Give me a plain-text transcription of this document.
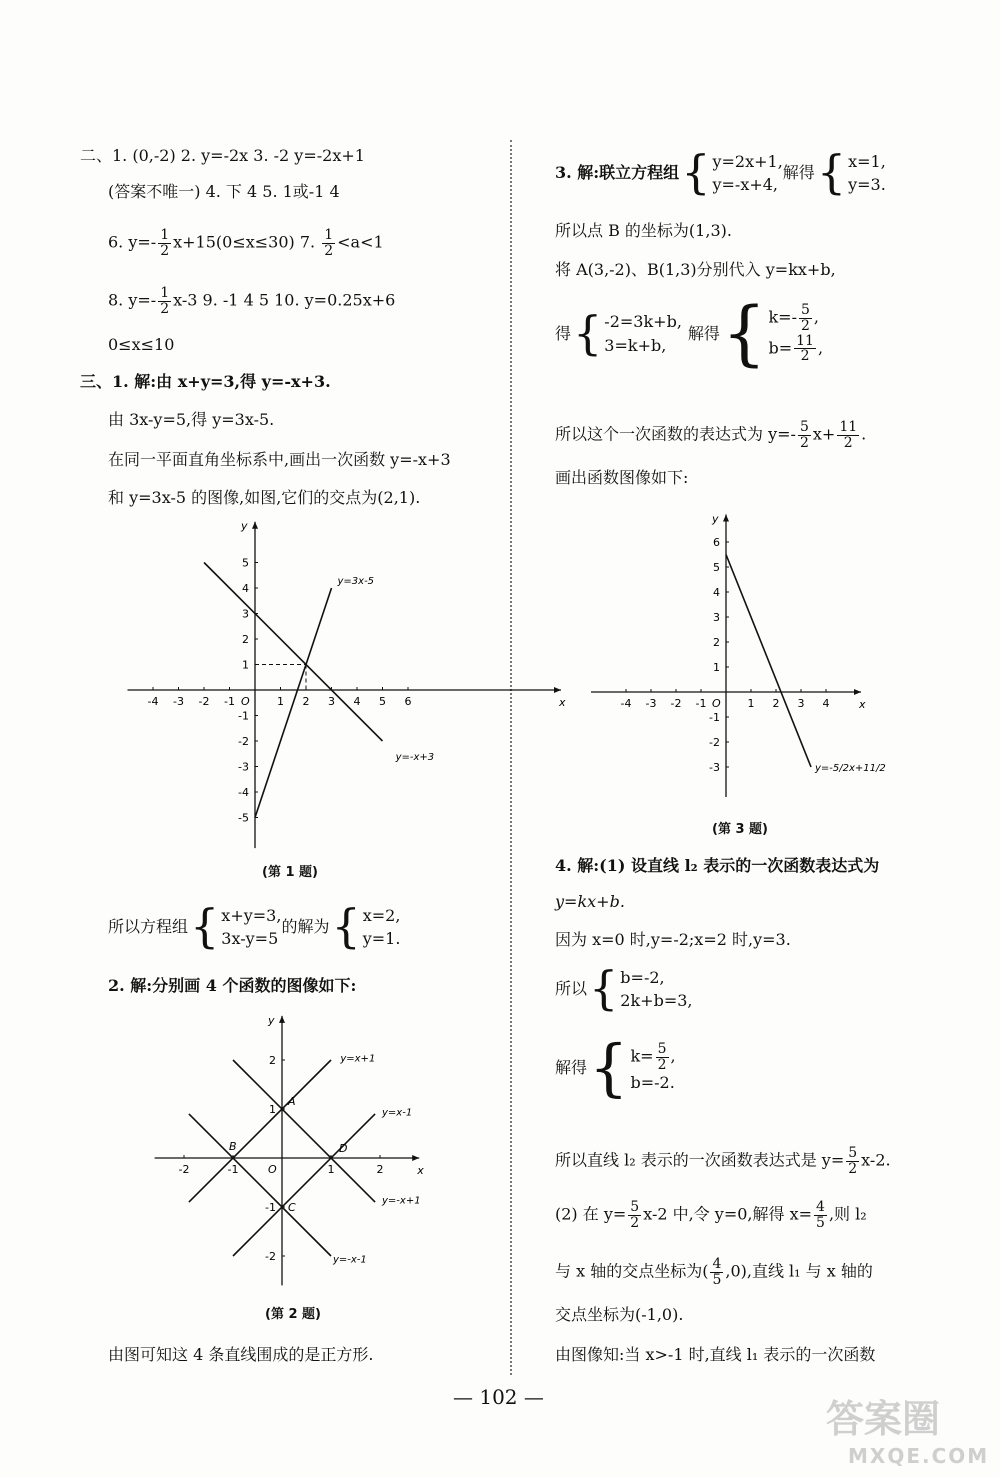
二、1. (0,-2) 2. y=-2x 3. -2 y=-2x+1
(答案不唯一) 4. 下 4 5. 1或-1 4
6. $y=- \frac{1}{2} x+15(0\le x\le 30)$ 7. $\frac{1}{2} <a<1$
8. $y=- \frac{1}{2} x-3$ 9. -1 4 5 10. y=0.25x+6
0≤x≤10
三、1. 解:由 x+y=3,得 y=-x+3.
由 3x-y=5,得 y=3x-5.
在同一平面直角坐标系中,画出一次函数 y=-x+3
和 y=3x-5 的图像,如图,它们的交点为(2,1).
x
y
O
-4 -3 -2 -1	1 2 3 4 5 6
-5
-4
-3
-2
-1
1
2
3
4
5
y=3x-5
y=-x+3
(第 1 题)
所以方程组 { x+y=3,
3x-y=5
的解为 { x=2,
y=1.
2. 解:分别画 4 个函数的图像如下:
x
y
O
-2	-1	1	2
-2
-1
1
2	y=x+1
y=x-1
y=-x+1
y=-x-1
A
B
C
D
(第 2 题)
由图可知这 4 条直线围成的是正方形.
3. 解:联立方程组 { y=2x+1,
y=-x+4,
解得 { x=1,
y=3.
所以点 B 的坐标为(1,3).
将 A(3,-2)、B(1,3)分别代入 y=kx+b,
得 { -2=3k+b,
3=k+b,
解得 { $k=- \frac{5}{2}$ ,
$b= \frac{11}{2}$ ,
所以这个一次函数的表达式为 $y=- \frac{5}{2} x+ \frac{11}{2}$ .
画出函数图像如下:
x
y
O
-4 -3 -2 -1	1 2 3 4
-3
-2
-1
1
2
3
4
5
6
y=-5/2x+11/2
(第 3 题)
4. 解:(1) 设直线 l₂ 表示的一次函数表达式为
y=kx+b.
因为 x=0 时,y=-2;x=2 时,y=3.
所以 { b=-2,
2k+b=3,
解得 { $k= \frac{5}{2}$ ,
b=-2.
所以直线 l₂ 表示的一次函数表达式是 $y= \frac{5}{2} x-2$.
(2) 在 $y= \frac{5}{2} x-2$ 中,令 y=0,解得 $x= \frac{4}{5}$ ,则 l₂
与 x 轴的交点坐标为( $\frac{4}{5} ,0$),直线 l₁ 与 x 轴的
交点坐标为(-1,0).
由图像知:当 x>-1 时,直线 l₁ 表示的一次函数
— 102 —	答案圈
MXQE.COM
